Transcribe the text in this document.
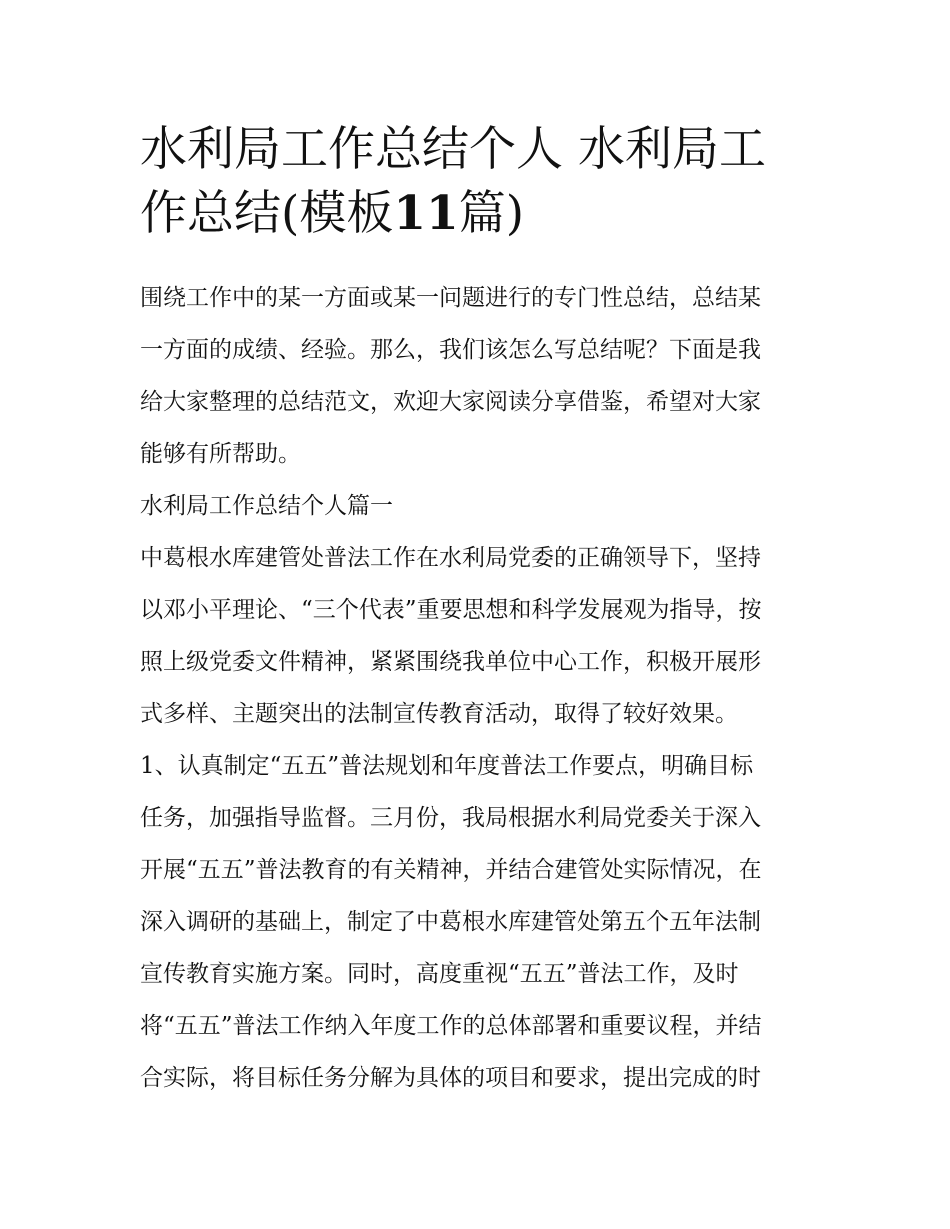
水利局工作总结个人 水利局工
作总结(模板11篇)

围绕工作中的某一方面或某一问题进行的专门性总结，总结某
一方面的成绩、经验。那么，我们该怎么写总结呢？下面是我
给大家整理的总结范文，欢迎大家阅读分享借鉴，希望对大家
能够有所帮助。

水利局工作总结个人篇一

中葛根水库建管处普法工作在水利局党委的正确领导下，坚持
以邓小平理论、“三个代表”重要思想和科学发展观为指导，按
照上级党委文件精神，紧紧围绕我单位中心工作，积极开展形
式多样、主题突出的法制宣传教育活动，取得了较好效果。

1、认真制定“五五”普法规划和年度普法工作要点，明确目标
任务，加强指导监督。三月份，我局根据水利局党委关于深入
开展“五五”普法教育的有关精神，并结合建管处实际情况，在
深入调研的基础上，制定了中葛根水库建管处第五个五年法制
宣传教育实施方案。同时，高度重视“五五”普法工作，及时
将“五五”普法工作纳入年度工作的总体部署和重要议程，并结
合实际，将目标任务分解为具体的项目和要求，提出完成的时
